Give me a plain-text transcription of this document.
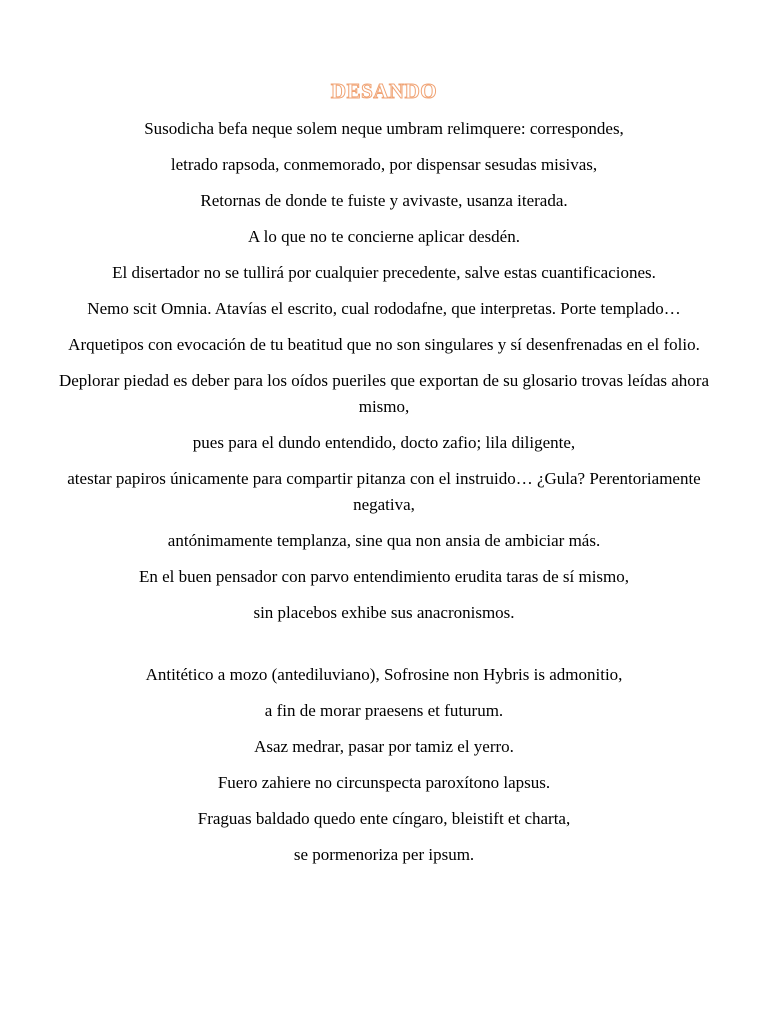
DESANDO

Susodicha befa neque solem neque umbram relimquere: correspondes,

letrado rapsoda, conmemorado, por dispensar sesudas misivas,

Retornas de donde te fuiste y avivaste, usanza iterada.

A lo que no te concierne aplicar desdén.

El disertador no se tullirá por cualquier precedente, salve estas cuantificaciones.

Nemo scit Omnia. Atavías el escrito, cual rododafne, que interpretas. Porte templado…

Arquetipos con evocación de tu beatitud que no son singulares y sí desenfrenadas en el folio.

Deplorar piedad es deber para los oídos pueriles que exportan de su glosario trovas leídas ahora mismo,

pues para el dundo entendido, docto zafio; lila diligente,

atestar papiros únicamente para compartir pitanza con el instruido… ¿Gula? Perentoriamente negativa,

antónimamente templanza, sine qua non ansia de ambiciar más.

En el buen pensador con parvo entendimiento erudita taras de sí mismo,

sin placebos exhibe sus anacronismos.

Antitético a mozo (antediluviano), Sofrosine non Hybris is admonitio,

a fin de morar praesens et futurum.

Asaz medrar, pasar por tamiz el yerro.

Fuero zahiere no circunspecta paroxítono lapsus.

Fraguas baldado quedo ente cíngaro, bleistift et charta,

se pormenoriza per ipsum.
